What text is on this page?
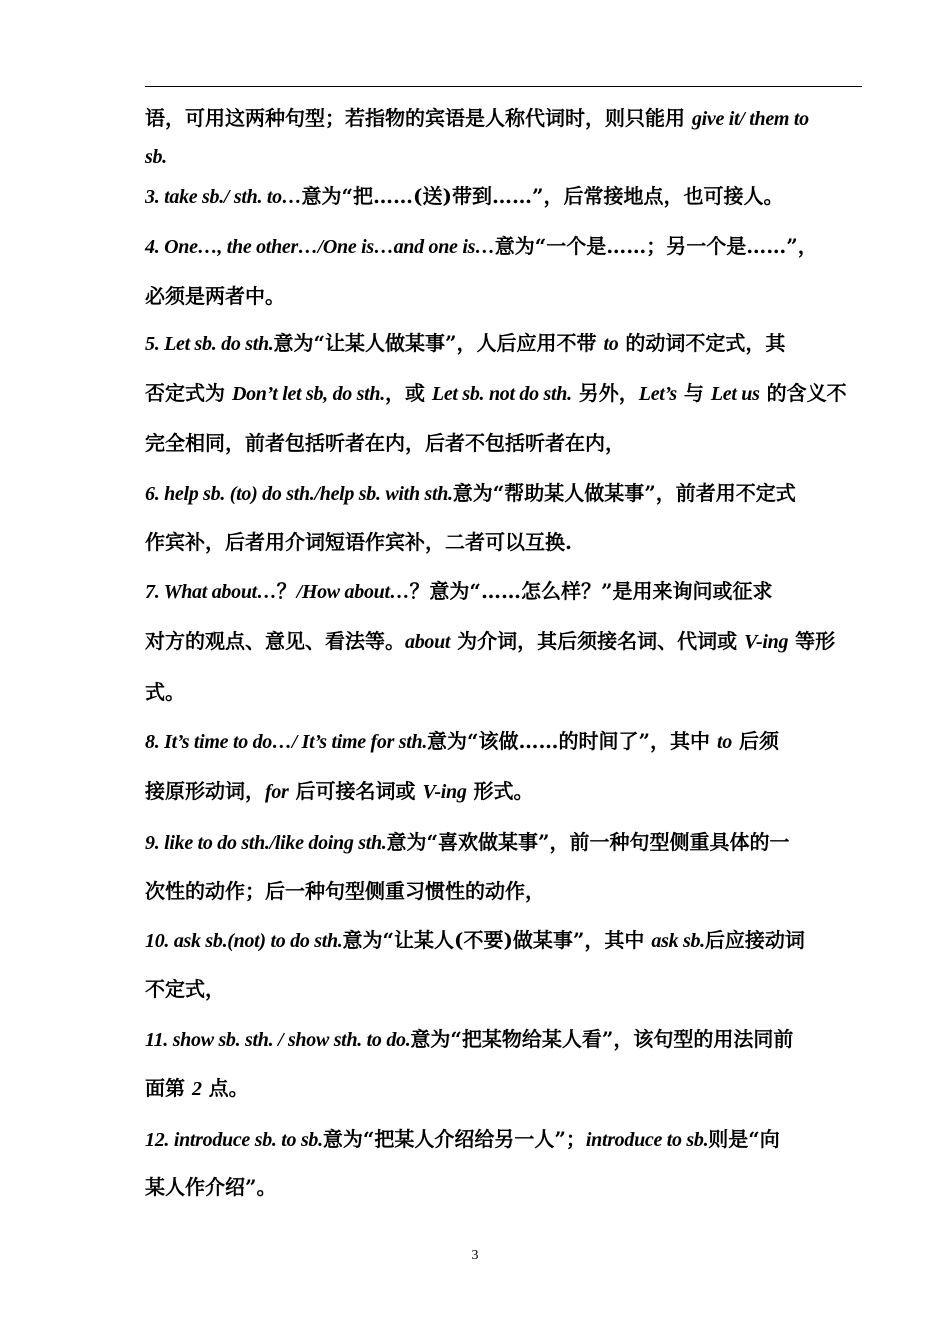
语，可用这两种句型；若指物的宾语是人称代词时，则只能用 give it/ them to
sb.
3. take sb./ sth. to…意为“把……(送)带到……”，后常接地点，也可接人。
4. One…, the other…/One is…and one is…意为“一个是……；另一个是……”，
必须是两者中。
5. Let sb. do sth.意为“让某人做某事”，人后应用不带 to 的动词不定式，其
否定式为 Don’t let sb, do sth.，或 Let sb. not do sth. 另外，Let’s 与 Let us 的含义不
完全相同，前者包括听者在内，后者不包括听者在内，
6. help sb. (to) do sth./help sb. with sth.意为“帮助某人做某事”，前者用不定式
作宾补，后者用介词短语作宾补，二者可以互换.
7. What about…？/How about…？意为“……怎么样？”是用来询问或征求
对方的观点、意见、看法等。about 为介词，其后须接名词、代词或 V-ing 等形
式。
8. It’s time to do…/ It’s time for sth.意为“该做……的时间了”，其中 to 后须
接原形动词，for 后可接名词或 V-ing 形式。
9. like to do sth./like doing sth.意为“喜欢做某事”，前一种句型侧重具体的一
次性的动作；后一种句型侧重习惯性的动作，
10. ask sb.(not) to do sth.意为“让某人(不要)做某事”，其中 ask sb.后应接动词
不定式，
11. show sb. sth. / show sth. to do.意为“把某物给某人看”，该句型的用法同前
面第 2 点。
12. introduce sb. to sb.意为“把某人介绍给另一人”；introduce to sb.则是“向
某人作介绍”。
3
